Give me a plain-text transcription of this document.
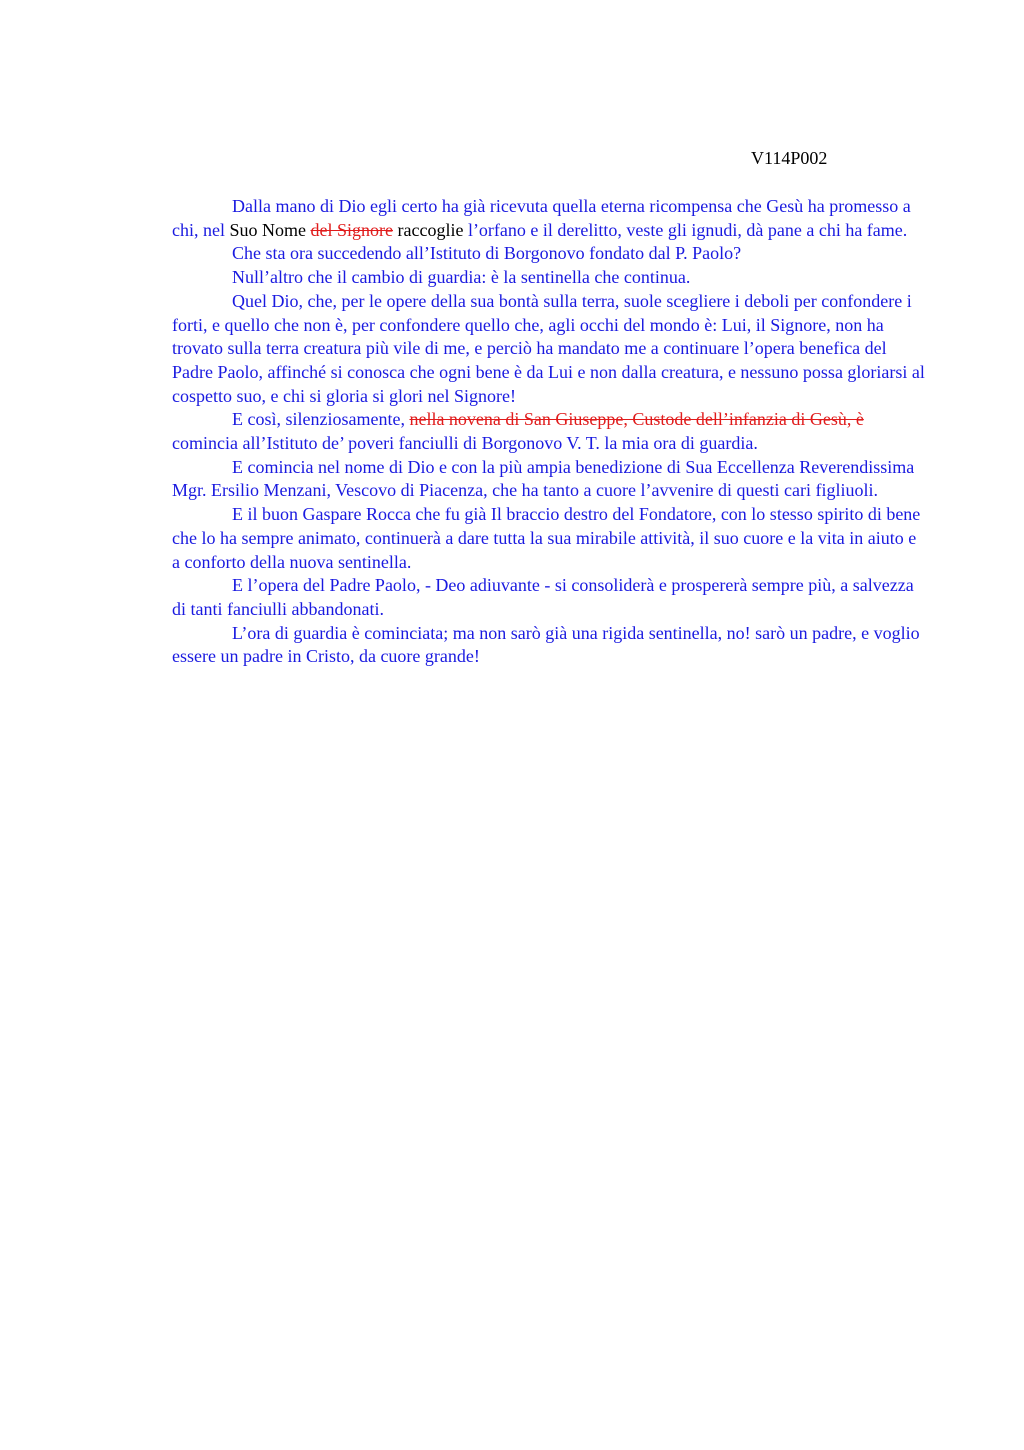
V114P002

Dalla mano di Dio egli certo ha già ricevuta quella eterna ricompensa che Gesù ha promesso a chi, nel Suo Nome del Signore raccoglie l’orfano e il derelitto, veste gli ignudi, dà pane a chi ha fame.

Che sta ora succedendo all’Istituto di Borgonovo fondato dal P. Paolo?

Null’altro che il cambio di guardia: è la sentinella che continua.

Quel Dio, che, per le opere della sua bontà sulla terra, suole scegliere i deboli per confondere i forti, e quello che non è, per confondere quello che, agli occhi del mondo è: Lui, il Signore, non ha trovato sulla terra creatura più vile di me, e perciò ha mandato me a continuare l’opera benefica del Padre Paolo, affinché si conosca che ogni bene è da Lui e non dalla creatura, e nessuno possa gloriarsi al cospetto suo, e chi si gloria si glori nel Signore!

E così, silenziosamente, nella novena di San Giuseppe, Custode dell’infanzia di Gesù, è comincia all’Istituto de’ poveri fanciulli di Borgonovo V. T. la mia ora di guardia.

E comincia nel nome di Dio e con la più ampia benedizione di Sua Eccellenza Reverendissima Mgr. Ersilio Menzani, Vescovo di Piacenza, che ha tanto a cuore l’avvenire di questi cari figliuoli.

E il buon Gaspare Rocca che fu già Il braccio destro del Fondatore, con lo stesso spirito di bene che lo ha sempre animato, continuerà a dare tutta la sua mirabile attività, il suo cuore e la vita in aiuto e a conforto della nuova sentinella.

E l’opera del Padre Paolo, - Deo adiuvante - si consoliderà e prospererà sempre più, a salvezza di tanti fanciulli abbandonati.

L’ora di guardia è cominciata; ma non sarò già una rigida sentinella, no! sarò un padre, e voglio essere un padre in Cristo, da cuore grande!
